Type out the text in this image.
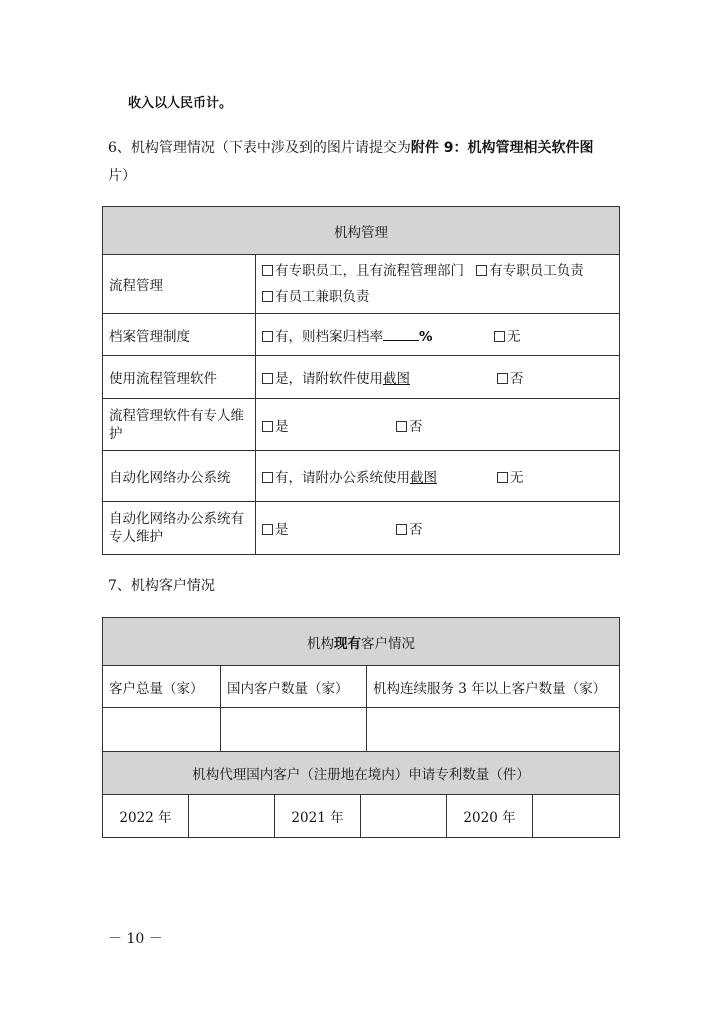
收入以人民币计。
6、机构管理情况（下表中涉及到的图片请提交为附件 9：机构管理相关软件图
片）
机构管理	
流程管理	有专职员工，且有流程管理部门 有专职员工负责
有员工兼职负责
档案管理制度	有，则档案归档率 % 无
使用流程管理软件	是，请附软件使用截图 否
流程管理软件有专人维护	是 否
自动化网络办公系统	有，请附办公系统使用截图 无
自动化网络办公系统有专人维护	是 否
7、机构客户情况
机构现有客户情况		
客户总量（家）	国内客户数量（家）	机构连续服务 3 年以上客户数量（家）

机构代理国内客户（注册地在境内）申请专利数量（件）
2022 年		2021 年		2020 年	
－ 10 －
